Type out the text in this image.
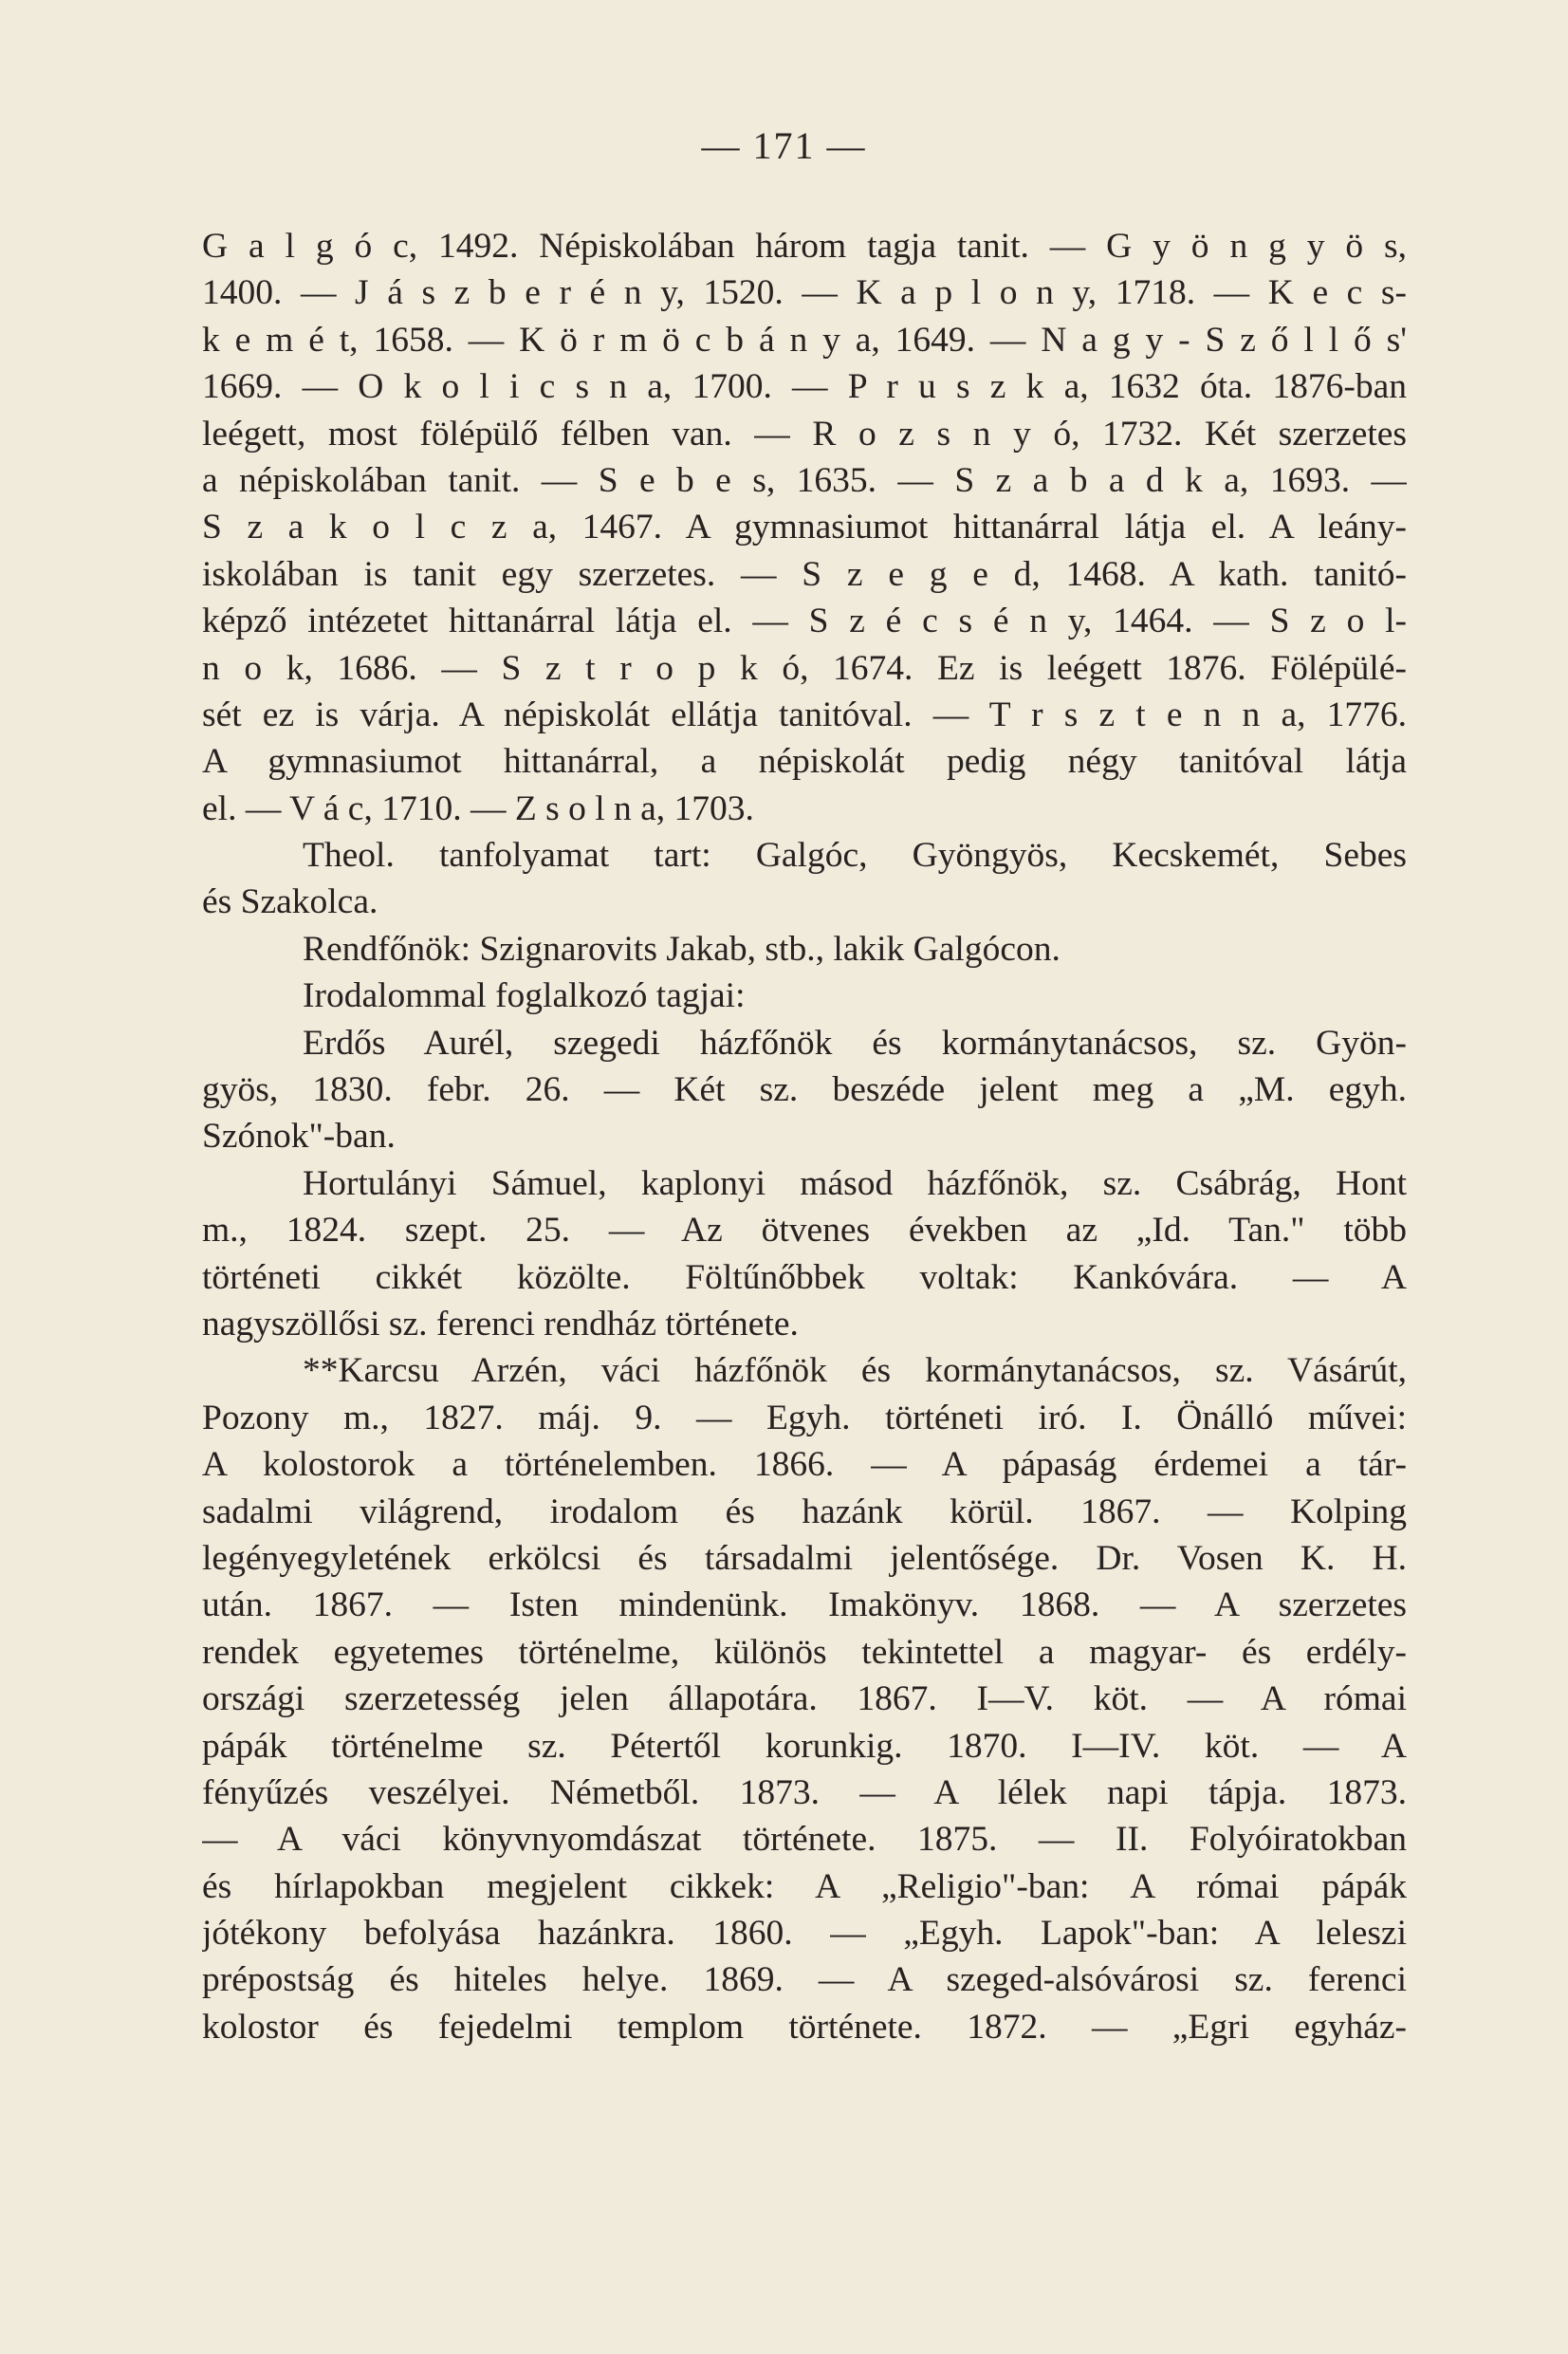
— 171 —
G a l g ó c, 1492. Népiskolában három tagja tanit. — G y ö n g y ö s,
1400. — J á s z b e r é n y, 1520. — K a p l o n y, 1718. — K e c s-
k e m é t, 1658. — K ö r m ö c b á n y a, 1649. — N a g y - S z ő l l ő s'
1669. — O k o l i c s n a, 1700. — P r u s z k a, 1632 óta. 1876-ban
leégett, most fölépülő félben van. — R o z s n y ó, 1732. Két szerzetes
a népiskolában tanit. — S e b e s, 1635. — S z a b a d k a, 1693. —
S z a k o l c z a, 1467. A gymnasiumot hittanárral látja el. A leány-
iskolában is tanit egy szerzetes. — S z e g e d, 1468. A kath. tanitó-
képző intézetet hittanárral látja el. — S z é c s é n y, 1464. — S z o l-
n o k, 1686. — S z t r o p k ó, 1674. Ez is leégett 1876. Fölépülé-
sét ez is várja. A népiskolát ellátja tanitóval. — T r s z t e n n a, 1776.
A gymnasiumot hittanárral, a népiskolát pedig négy tanitóval látja
el. — V á c, 1710. — Z s o l n a, 1703.
Theol. tanfolyamat tart: Galgóc, Gyöngyös, Kecskemét, Sebes
és Szakolca.
Rendfőnök: Szignarovits Jakab, stb., lakik Galgócon.
Irodalommal foglalkozó tagjai:
Erdős Aurél, szegedi házfőnök és kormánytanácsos, sz. Gyön-
gyös, 1830. febr. 26. — Két sz. beszéde jelent meg a „M. egyh.
Szónok"-ban.
Hortulányi Sámuel, kaplonyi másod házfőnök, sz. Csábrág, Hont
m., 1824. szept. 25. — Az ötvenes években az „Id. Tan." több
történeti cikkét közölte. Föltűnőbbek voltak: Kankóvára. — A
nagyszöllősi sz. ferenci rendház története.
**Karcsu Arzén, váci házfőnök és kormánytanácsos, sz. Vásárút,
Pozony m., 1827. máj. 9. — Egyh. történeti iró. I. Önálló művei:
A kolostorok a történelemben. 1866. — A pápaság érdemei a tár-
sadalmi világrend, irodalom és hazánk körül. 1867. — Kolping
legényegyletének erkölcsi és társadalmi jelentősége. Dr. Vosen K. H.
után. 1867. — Isten mindenünk. Imakönyv. 1868. — A szerzetes
rendek egyetemes történelme, különös tekintettel a magyar- és erdély-
országi szerzetesség jelen állapotára. 1867. I—V. köt. — A római
pápák történelme sz. Pétertől korunkig. 1870. I—IV. köt. — A
fényűzés veszélyei. Németből. 1873. — A lélek napi tápja. 1873.
— A váci könyvnyomdászat története. 1875. — II. Folyóiratokban
és hírlapokban megjelent cikkek: A „Religio"-ban: A római pápák
jótékony befolyása hazánkra. 1860. — „Egyh. Lapok"-ban: A leleszi
prépostság és hiteles helye. 1869. — A szeged-alsóvárosi sz. ferenci
kolostor és fejedelmi templom története. 1872. — „Egri egyház-
